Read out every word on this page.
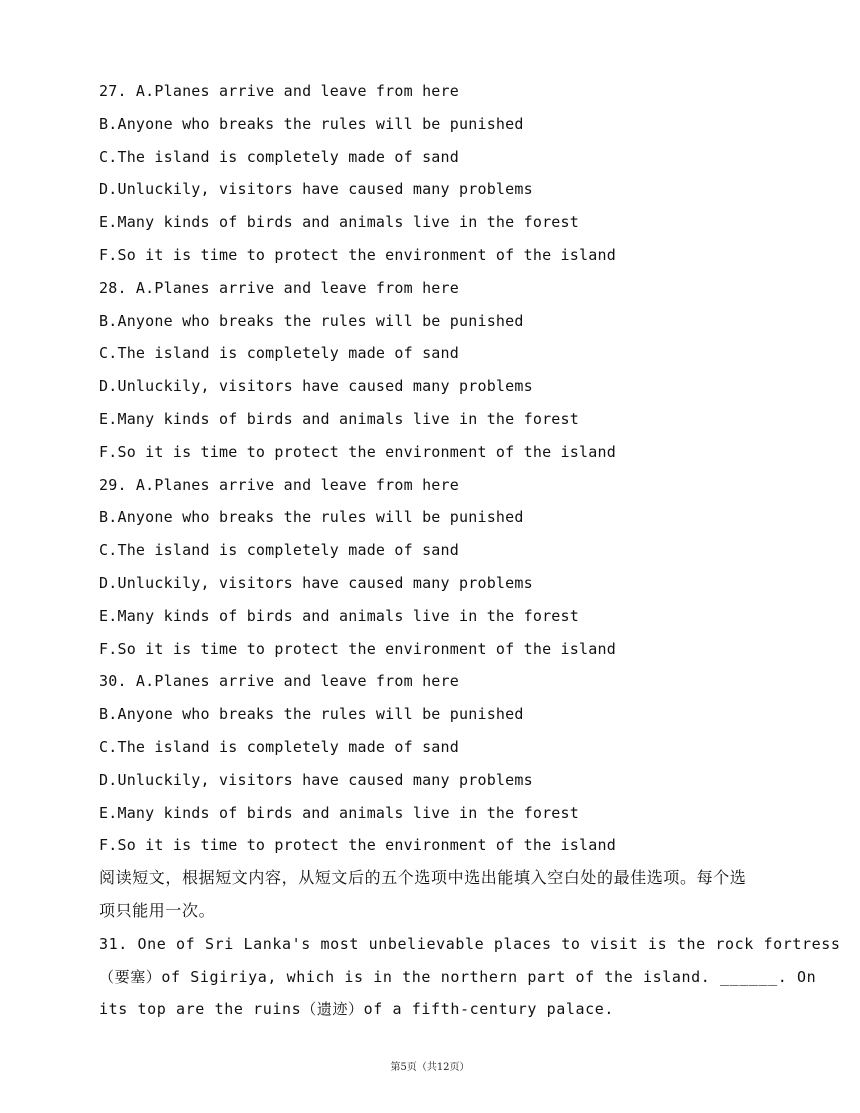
27. A.Planes arrive and leave from here
B.Anyone who breaks the rules will be punished
C.The island is completely made of sand
D.Unluckily, visitors have caused many problems
E.Many kinds of birds and animals live in the forest
F.So it is time to protect the environment of the island
28. A.Planes arrive and leave from here
B.Anyone who breaks the rules will be punished
C.The island is completely made of sand
D.Unluckily, visitors have caused many problems
E.Many kinds of birds and animals live in the forest
F.So it is time to protect the environment of the island
29. A.Planes arrive and leave from here
B.Anyone who breaks the rules will be punished
C.The island is completely made of sand
D.Unluckily, visitors have caused many problems
E.Many kinds of birds and animals live in the forest
F.So it is time to protect the environment of the island
30. A.Planes arrive and leave from here
B.Anyone who breaks the rules will be punished
C.The island is completely made of sand
D.Unluckily, visitors have caused many problems
E.Many kinds of birds and animals live in the forest
F.So it is time to protect the environment of the island
阅读短文，根据短文内容，从短文后的五个选项中选出能填入空白处的最佳选项。每个选
项只能用一次。
31. One of Sri Lanka's most unbelievable places to visit is the rock fortress
（要塞）of Sigiriya, which is in the northern part of the island. ______. On
its top are the ruins（遗迹）of a fifth-century palace.
第5页（共12页）
